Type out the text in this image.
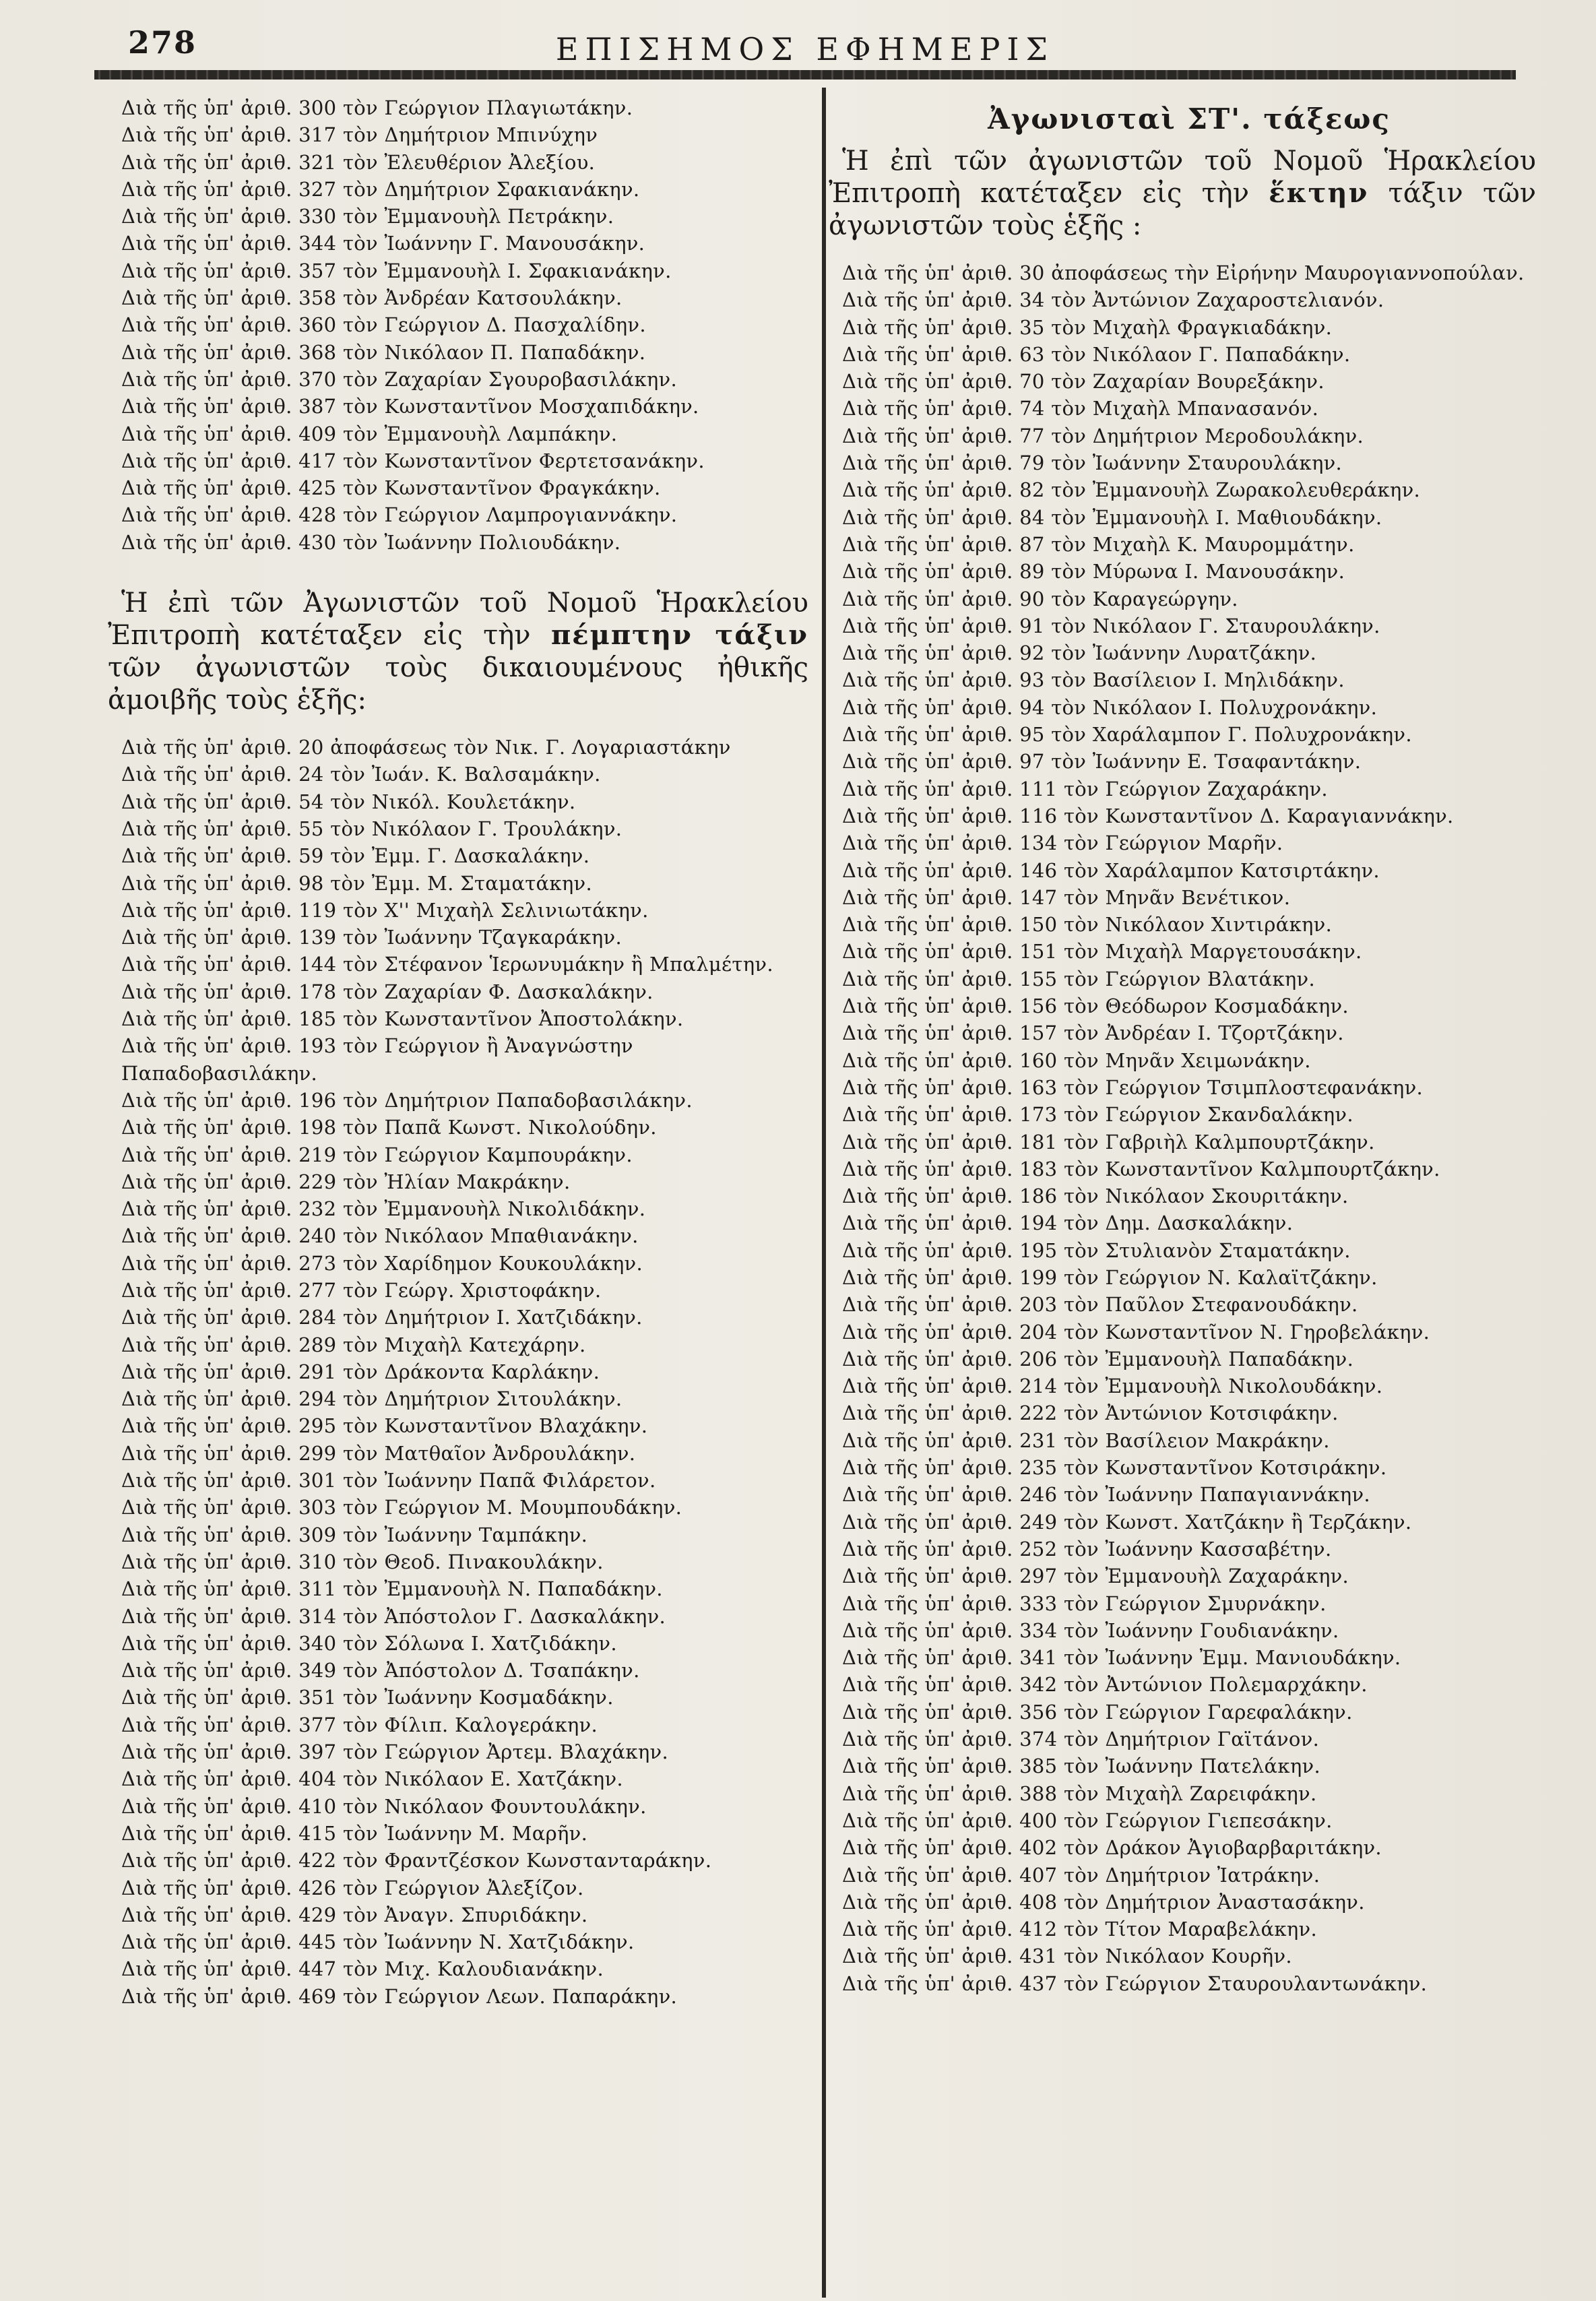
278	ΕΠΙΣΗΜΟΣ ΕΦΗΜΕΡΙΣ
Διὰ τῆς ὑπ' ἀριθ. 300 τὸν Γεώργιον Πλαγιωτάκην.
Διὰ τῆς ὑπ' ἀριθ. 317 τὸν Δημήτριον Μπινύχην
Διὰ τῆς ὑπ' ἀριθ. 321 τὸν Ἐλευθέριον Ἀλεξίου.
Διὰ τῆς ὑπ' ἀριθ. 327 τὸν Δημήτριον Σφακιανάκην.
Διὰ τῆς ὑπ' ἀριθ. 330 τὸν Ἐμμανουὴλ Πετράκην.
Διὰ τῆς ὑπ' ἀριθ. 344 τὸν Ἰωάννην Γ. Μανουσάκην.
Διὰ τῆς ὑπ' ἀριθ. 357 τὸν Ἐμμανουὴλ Ι. Σφακιανάκην.
Διὰ τῆς ὑπ' ἀριθ. 358 τὸν Ἀνδρέαν Κατσουλάκην.
Διὰ τῆς ὑπ' ἀριθ. 360 τὸν Γεώργιον Δ. Πασχαλίδην.
Διὰ τῆς ὑπ' ἀριθ. 368 τὸν Νικόλαον Π. Παπαδάκην.
Διὰ τῆς ὑπ' ἀριθ. 370 τὸν Ζαχαρίαν Σγουροβασιλάκην.
Διὰ τῆς ὑπ' ἀριθ. 387 τὸν Κωνσταντῖνον Μοσχαπιδάκην.
Διὰ τῆς ὑπ' ἀριθ. 409 τὸν Ἐμμανουὴλ Λαμπάκην.
Διὰ τῆς ὑπ' ἀριθ. 417 τὸν Κωνσταντῖνον Φερτετσανάκην.
Διὰ τῆς ὑπ' ἀριθ. 425 τὸν Κωνσταντῖνον Φραγκάκην.
Διὰ τῆς ὑπ' ἀριθ. 428 τὸν Γεώργιον Λαμπρογιαννάκην.
Διὰ τῆς ὑπ' ἀριθ. 430 τὸν Ἰωάννην Πολιουδάκην.
Ἡ ἐπὶ τῶν Ἀγωνιστῶν τοῦ Νομοῦ Ἡρακλείου Ἐπιτροπὴ κατέταξεν εἰς τὴν πέμπτην τάξιν τῶν ἀγωνιστῶν τοὺς δικαιουμένους ἠθικῆς ἀμοιβῆς τοὺς ἑξῆς:
Διὰ τῆς ὑπ' ἀριθ. 20 ἀποφάσεως τὸν Νικ. Γ. Λογαριαστάκην
Διὰ τῆς ὑπ' ἀριθ. 24 τὸν Ἰωάν. Κ. Βαλσαμάκην.
Διὰ τῆς ὑπ' ἀριθ. 54 τὸν Νικόλ. Κουλετάκην.
Διὰ τῆς ὑπ' ἀριθ. 55 τὸν Νικόλαον Γ. Τρουλάκην.
Διὰ τῆς ὑπ' ἀριθ. 59 τὸν Ἐμμ. Γ. Δασκαλάκην.
Διὰ τῆς ὑπ' ἀριθ. 98 τὸν Ἐμμ. Μ. Σταματάκην.
Διὰ τῆς ὑπ' ἀριθ. 119 τὸν Χ'' Μιχαὴλ Σελινιωτάκην.
Διὰ τῆς ὑπ' ἀριθ. 139 τὸν Ἰωάννην Τζαγκαράκην.
Διὰ τῆς ὑπ' ἀριθ. 144 τὸν Στέφανον Ἱερωνυμάκην ἢ Μπαλμέτην.
Διὰ τῆς ὑπ' ἀριθ. 178 τὸν Ζαχαρίαν Φ. Δασκαλάκην.
Διὰ τῆς ὑπ' ἀριθ. 185 τὸν Κωνσταντῖνον Ἀποστολάκην.
Διὰ τῆς ὑπ' ἀριθ. 193 τὸν Γεώργιον ἢ Ἀναγνώστην Παπαδοβασιλάκην.
Διὰ τῆς ὑπ' ἀριθ. 196 τὸν Δημήτριον Παπαδοβασιλάκην.
Διὰ τῆς ὑπ' ἀριθ. 198 τὸν Παπᾶ Κωνστ. Νικολούδην.
Διὰ τῆς ὑπ' ἀριθ. 219 τὸν Γεώργιον Καμπουράκην.
Διὰ τῆς ὑπ' ἀριθ. 229 τὸν Ἠλίαν Μακράκην.
Διὰ τῆς ὑπ' ἀριθ. 232 τὸν Ἐμμανουὴλ Νικολιδάκην.
Διὰ τῆς ὑπ' ἀριθ. 240 τὸν Νικόλαον Μπαθιανάκην.
Διὰ τῆς ὑπ' ἀριθ. 273 τὸν Χαρίδημον Κουκουλάκην.
Διὰ τῆς ὑπ' ἀριθ. 277 τὸν Γεώργ. Χριστοφάκην.
Διὰ τῆς ὑπ' ἀριθ. 284 τὸν Δημήτριον Ι. Χατζιδάκην.
Διὰ τῆς ὑπ' ἀριθ. 289 τὸν Μιχαὴλ Κατεχάρην.
Διὰ τῆς ὑπ' ἀριθ. 291 τὸν Δράκοντα Καρλάκην.
Διὰ τῆς ὑπ' ἀριθ. 294 τὸν Δημήτριον Σιτουλάκην.
Διὰ τῆς ὑπ' ἀριθ. 295 τὸν Κωνσταντῖνον Βλαχάκην.
Διὰ τῆς ὑπ' ἀριθ. 299 τὸν Ματθαῖον Ἀνδρουλάκην.
Διὰ τῆς ὑπ' ἀριθ. 301 τὸν Ἰωάννην Παπᾶ Φιλάρετον.
Διὰ τῆς ὑπ' ἀριθ. 303 τὸν Γεώργιον Μ. Μουμπουδάκην.
Διὰ τῆς ὑπ' ἀριθ. 309 τὸν Ἰωάννην Ταμπάκην.
Διὰ τῆς ὑπ' ἀριθ. 310 τὸν Θεοδ. Πινακουλάκην.
Διὰ τῆς ὑπ' ἀριθ. 311 τὸν Ἐμμανουὴλ Ν. Παπαδάκην.
Διὰ τῆς ὑπ' ἀριθ. 314 τὸν Ἀπόστολον Γ. Δασκαλάκην.
Διὰ τῆς ὑπ' ἀριθ. 340 τὸν Σόλωνα Ι. Χατζιδάκην.
Διὰ τῆς ὑπ' ἀριθ. 349 τὸν Ἀπόστολον Δ. Τσαπάκην.
Διὰ τῆς ὑπ' ἀριθ. 351 τὸν Ἰωάννην Κοσμαδάκην.
Διὰ τῆς ὑπ' ἀριθ. 377 τὸν Φίλιπ. Καλογεράκην.
Διὰ τῆς ὑπ' ἀριθ. 397 τὸν Γεώργιον Ἀρτεμ. Βλαχάκην.
Διὰ τῆς ὑπ' ἀριθ. 404 τὸν Νικόλαον Ε. Χατζάκην.
Διὰ τῆς ὑπ' ἀριθ. 410 τὸν Νικόλαον Φουντουλάκην.
Διὰ τῆς ὑπ' ἀριθ. 415 τὸν Ἰωάννην Μ. Μαρῆν.
Διὰ τῆς ὑπ' ἀριθ. 422 τὸν Φραντζέσκον Κωνστανταράκην.
Διὰ τῆς ὑπ' ἀριθ. 426 τὸν Γεώργιον Ἀλεξίζον.
Διὰ τῆς ὑπ' ἀριθ. 429 τὸν Ἀναγν. Σπυριδάκην.
Διὰ τῆς ὑπ' ἀριθ. 445 τὸν Ἰωάννην Ν. Χατζιδάκην.
Διὰ τῆς ὑπ' ἀριθ. 447 τὸν Μιχ. Καλουδιανάκην.
Διὰ τῆς ὑπ' ἀριθ. 469 τὸν Γεώργιον Λεων. Παπαράκην.
Ἀγωνισταὶ ΣΤ'. τάξεως
Ἡ ἐπὶ τῶν ἀγωνιστῶν τοῦ Νομοῦ Ἡρακλείου Ἐπιτροπὴ κατέταξεν εἰς τὴν ἕκτην τάξιν τῶν ἀγωνιστῶν τοὺς ἑξῆς :
Διὰ τῆς ὑπ' ἀριθ. 30 ἀποφάσεως τὴν Εἰρήνην Μαυρογιαννοπούλαν.
Διὰ τῆς ὑπ' ἀριθ. 34 τὸν Ἀντώνιον Ζαχαροστελιανόν.
Διὰ τῆς ὑπ' ἀριθ. 35 τὸν Μιχαὴλ Φραγκιαδάκην.
Διὰ τῆς ὑπ' ἀριθ. 63 τὸν Νικόλαον Γ. Παπαδάκην.
Διὰ τῆς ὑπ' ἀριθ. 70 τὸν Ζαχαρίαν Βουρεξάκην.
Διὰ τῆς ὑπ' ἀριθ. 74 τὸν Μιχαὴλ Μπανασανόν.
Διὰ τῆς ὑπ' ἀριθ. 77 τὸν Δημήτριον Μεροδουλάκην.
Διὰ τῆς ὑπ' ἀριθ. 79 τὸν Ἰωάννην Σταυρουλάκην.
Διὰ τῆς ὑπ' ἀριθ. 82 τὸν Ἐμμανουὴλ Ζωρακολευθεράκην.
Διὰ τῆς ὑπ' ἀριθ. 84 τὸν Ἐμμανουὴλ Ι. Μαθιουδάκην.
Διὰ τῆς ὑπ' ἀριθ. 87 τὸν Μιχαὴλ Κ. Μαυρομμάτην.
Διὰ τῆς ὑπ' ἀριθ. 89 τὸν Μύρωνα Ι. Μανουσάκην.
Διὰ τῆς ὑπ' ἀριθ. 90 τὸν Καραγεώργην.
Διὰ τῆς ὑπ' ἀριθ. 91 τὸν Νικόλαον Γ. Σταυρουλάκην.
Διὰ τῆς ὑπ' ἀριθ. 92 τὸν Ἰωάννην Λυρατζάκην.
Διὰ τῆς ὑπ' ἀριθ. 93 τὸν Βασίλειον Ι. Μηλιδάκην.
Διὰ τῆς ὑπ' ἀριθ. 94 τὸν Νικόλαον Ι. Πολυχρονάκην.
Διὰ τῆς ὑπ' ἀριθ. 95 τὸν Χαράλαμπον Γ. Πολυχρονάκην.
Διὰ τῆς ὑπ' ἀριθ. 97 τὸν Ἰωάννην Ε. Τσαφαντάκην.
Διὰ τῆς ὑπ' ἀριθ. 111 τὸν Γεώργιον Ζαχαράκην.
Διὰ τῆς ὑπ' ἀριθ. 116 τὸν Κωνσταντῖνον Δ. Καραγιαννάκην.
Διὰ τῆς ὑπ' ἀριθ. 134 τὸν Γεώργιον Μαρῆν.
Διὰ τῆς ὑπ' ἀριθ. 146 τὸν Χαράλαμπον Κατσιρτάκην.
Διὰ τῆς ὑπ' ἀριθ. 147 τὸν Μηνᾶν Βενέτικον.
Διὰ τῆς ὑπ' ἀριθ. 150 τὸν Νικόλαον Χιντιράκην.
Διὰ τῆς ὑπ' ἀριθ. 151 τὸν Μιχαὴλ Μαργετουσάκην.
Διὰ τῆς ὑπ' ἀριθ. 155 τὸν Γεώργιον Βλατάκην.
Διὰ τῆς ὑπ' ἀριθ. 156 τὸν Θεόδωρον Κοσμαδάκην.
Διὰ τῆς ὑπ' ἀριθ. 157 τὸν Ἀνδρέαν Ι. Τζορτζάκην.
Διὰ τῆς ὑπ' ἀριθ. 160 τὸν Μηνᾶν Χειμωνάκην.
Διὰ τῆς ὑπ' ἀριθ. 163 τὸν Γεώργιον Τσιμπλοστεφανάκην.
Διὰ τῆς ὑπ' ἀριθ. 173 τὸν Γεώργιον Σκανδαλάκην.
Διὰ τῆς ὑπ' ἀριθ. 181 τὸν Γαβριὴλ Καλμπουρτζάκην.
Διὰ τῆς ὑπ' ἀριθ. 183 τὸν Κωνσταντῖνον Καλμπουρτζάκην.
Διὰ τῆς ὑπ' ἀριθ. 186 τὸν Νικόλαον Σκουριτάκην.
Διὰ τῆς ὑπ' ἀριθ. 194 τὸν Δημ. Δασκαλάκην.
Διὰ τῆς ὑπ' ἀριθ. 195 τὸν Στυλιανὸν Σταματάκην.
Διὰ τῆς ὑπ' ἀριθ. 199 τὸν Γεώργιον Ν. Καλαϊτζάκην.
Διὰ τῆς ὑπ' ἀριθ. 203 τὸν Παῦλον Στεφανουδάκην.
Διὰ τῆς ὑπ' ἀριθ. 204 τὸν Κωνσταντῖνον Ν. Γηροβελάκην.
Διὰ τῆς ὑπ' ἀριθ. 206 τὸν Ἐμμανουὴλ Παπαδάκην.
Διὰ τῆς ὑπ' ἀριθ. 214 τὸν Ἐμμανουὴλ Νικολουδάκην.
Διὰ τῆς ὑπ' ἀριθ. 222 τὸν Ἀντώνιον Κοτσιφάκην.
Διὰ τῆς ὑπ' ἀριθ. 231 τὸν Βασίλειον Μακράκην.
Διὰ τῆς ὑπ' ἀριθ. 235 τὸν Κωνσταντῖνον Κοτσιράκην.
Διὰ τῆς ὑπ' ἀριθ. 246 τὸν Ἰωάννην Παπαγιαννάκην.
Διὰ τῆς ὑπ' ἀριθ. 249 τὸν Κωνστ. Χατζάκην ἢ Τερζάκην.
Διὰ τῆς ὑπ' ἀριθ. 252 τὸν Ἰωάννην Κασσαβέτην.
Διὰ τῆς ὑπ' ἀριθ. 297 τὸν Ἐμμανουὴλ Ζαχαράκην.
Διὰ τῆς ὑπ' ἀριθ. 333 τὸν Γεώργιον Σμυρνάκην.
Διὰ τῆς ὑπ' ἀριθ. 334 τὸν Ἰωάννην Γουδιανάκην.
Διὰ τῆς ὑπ' ἀριθ. 341 τὸν Ἰωάννην Ἐμμ. Μανιουδάκην.
Διὰ τῆς ὑπ' ἀριθ. 342 τὸν Ἀντώνιον Πολεμαρχάκην.
Διὰ τῆς ὑπ' ἀριθ. 356 τὸν Γεώργιον Γαρεφαλάκην.
Διὰ τῆς ὑπ' ἀριθ. 374 τὸν Δημήτριον Γαϊτάνον.
Διὰ τῆς ὑπ' ἀριθ. 385 τὸν Ἰωάννην Πατελάκην.
Διὰ τῆς ὑπ' ἀριθ. 388 τὸν Μιχαὴλ Ζαρειφάκην.
Διὰ τῆς ὑπ' ἀριθ. 400 τὸν Γεώργιον Γιεπεσάκην.
Διὰ τῆς ὑπ' ἀριθ. 402 τὸν Δράκον Ἀγιοβαρβαριτάκην.
Διὰ τῆς ὑπ' ἀριθ. 407 τὸν Δημήτριον Ἰατράκην.
Διὰ τῆς ὑπ' ἀριθ. 408 τὸν Δημήτριον Ἀναστασάκην.
Διὰ τῆς ὑπ' ἀριθ. 412 τὸν Τίτον Μαραβελάκην.
Διὰ τῆς ὑπ' ἀριθ. 431 τὸν Νικόλαον Κουρῆν.
Διὰ τῆς ὑπ' ἀριθ. 437 τὸν Γεώργιον Σταυρουλαντωνάκην.
